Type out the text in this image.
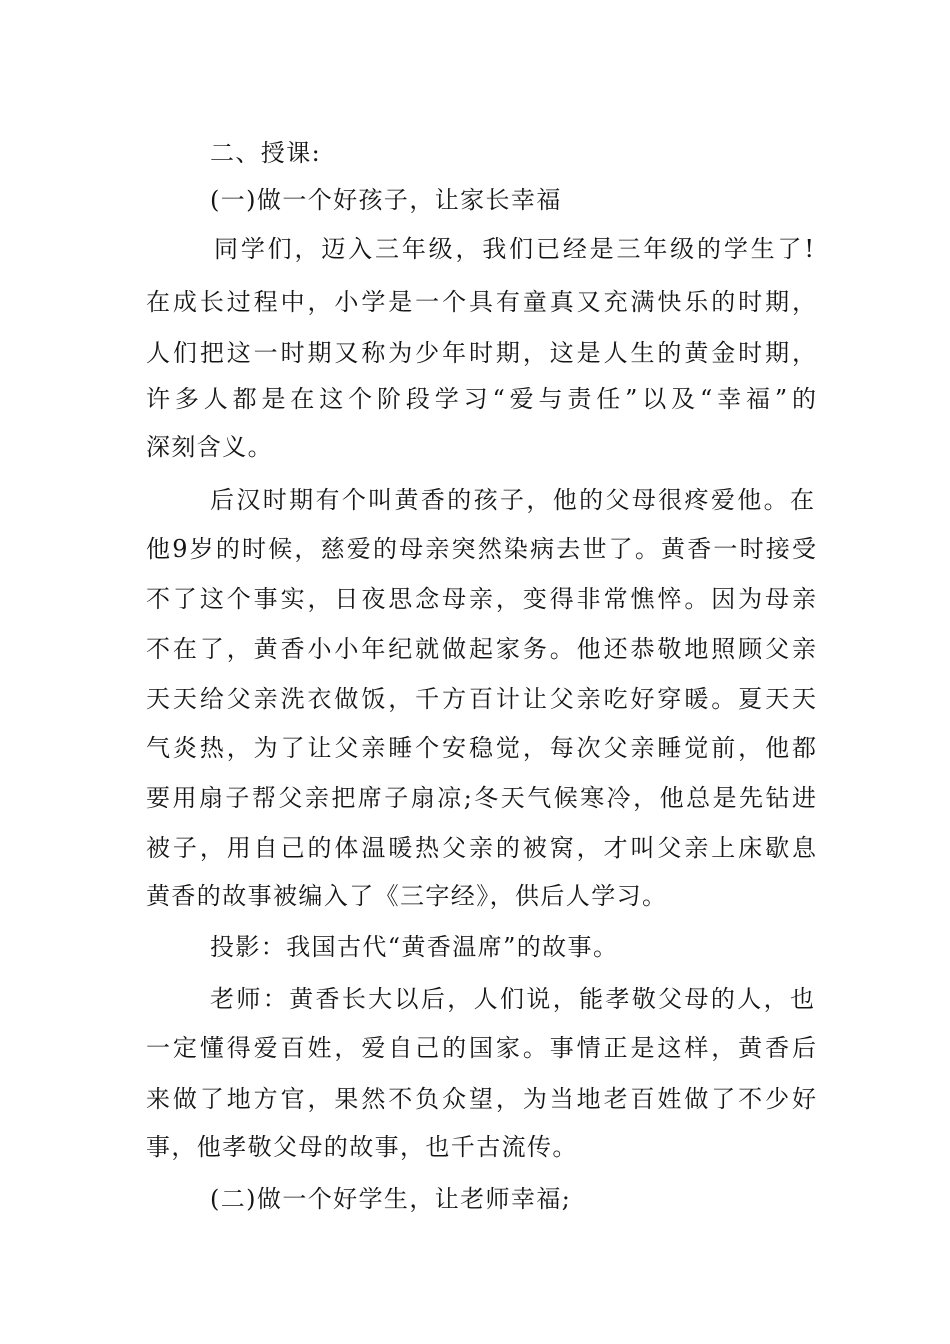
二、授课:
(一)做一个好孩子，让家长幸福
同学们，迈入三年级，我们已经是三年级的学生了!
在成长过程中，小学是一个具有童真又充满快乐的时期，
人们把这一时期又称为少年时期，这是人生的黄金时期，
许多人都是在这个阶段学习“爱与责任”以及“幸福”的
深刻含义。
后汉时期有个叫黄香的孩子，他的父母很疼爱他。在
他9岁的时候，慈爱的母亲突然染病去世了。黄香一时接受
不了这个事实，日夜思念母亲，变得非常憔悴。因为母亲
不在了，黄香小小年纪就做起家务。他还恭敬地照顾父亲
天天给父亲洗衣做饭，千方百计让父亲吃好穿暖。夏天天
气炎热，为了让父亲睡个安稳觉，每次父亲睡觉前，他都
要用扇子帮父亲把席子扇凉;冬天气候寒冷，他总是先钻进
被子，用自己的体温暖热父亲的被窝，才叫父亲上床歇息
黄香的故事被编入了《三字经》，供后人学习。
投影：我国古代“黄香温席”的故事。
老师：黄香长大以后，人们说，能孝敬父母的人，也
一定懂得爱百姓，爱自己的国家。事情正是这样，黄香后
来做了地方官，果然不负众望，为当地老百姓做了不少好
事，他孝敬父母的故事，也千古流传。
(二)做一个好学生，让老师幸福;
